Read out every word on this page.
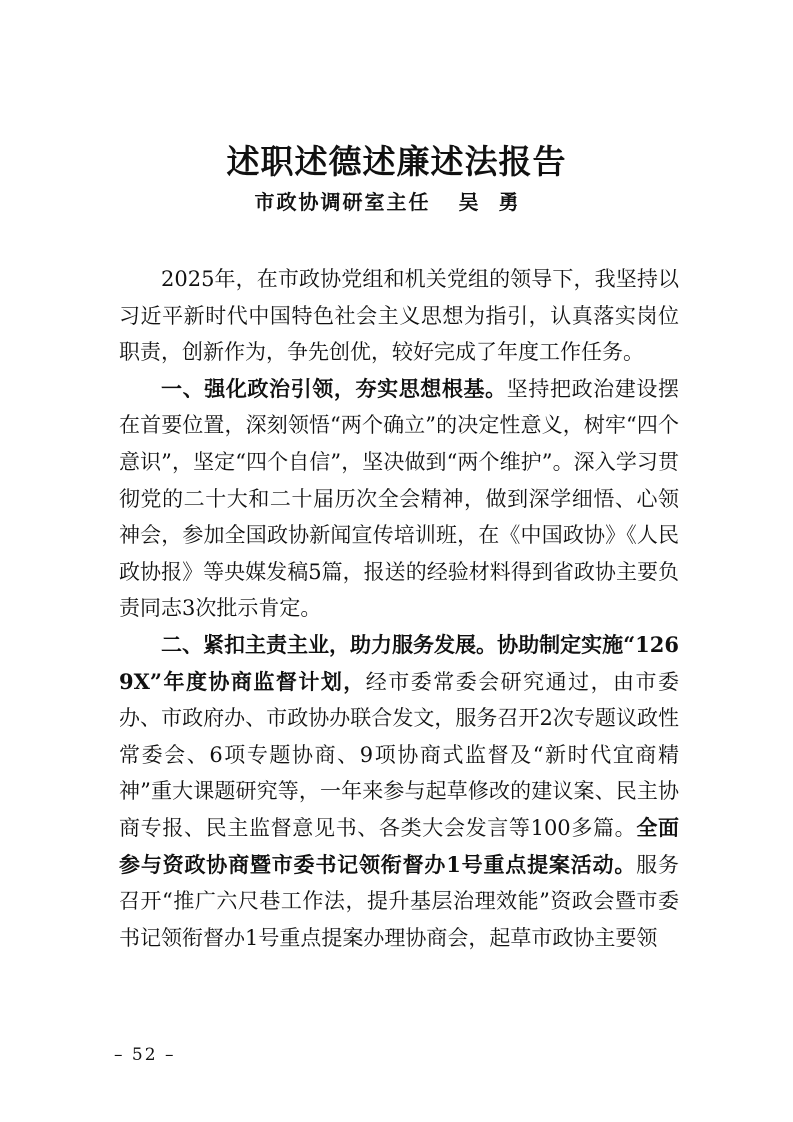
述职述德述廉述法报告
市政协调研室主任 吴勇

2025年，在市政协党组和机关党组的领导下，我坚持以习近平新时代中国特色社会主义思想为指引，认真落实岗位职责，创新作为，争先创优，较好完成了年度工作任务。

一、强化政治引领，夯实思想根基。坚持把政治建设摆在首要位置，深刻领悟“两个确立”的决定性意义，树牢“四个意识”，坚定“四个自信”，坚决做到“两个维护”。深入学习贯彻党的二十大和二十届历次全会精神，做到深学细悟、心领神会，参加全国政协新闻宣传培训班，在《中国政协》《人民政协报》等央媒发稿5篇，报送的经验材料得到省政协主要负责同志3次批示肯定。

二、紧扣主责主业，助力服务发展。协助制定实施“1269X”年度协商监督计划，经市委常委会研究通过，由市委办、市政府办、市政协办联合发文，服务召开2次专题议政性常委会、6项专题协商、9项协商式监督及“新时代宜商精神”重大课题研究等，一年来参与起草修改的建议案、民主协商专报、民主监督意见书、各类大会发言等100多篇。全面参与资政协商暨市委书记领衔督办1号重点提案活动。服务召开“推广六尺巷工作法，提升基层治理效能”资政会暨市委书记领衔督办1号重点提案办理协商会，起草市政协主要领

– 52 –
